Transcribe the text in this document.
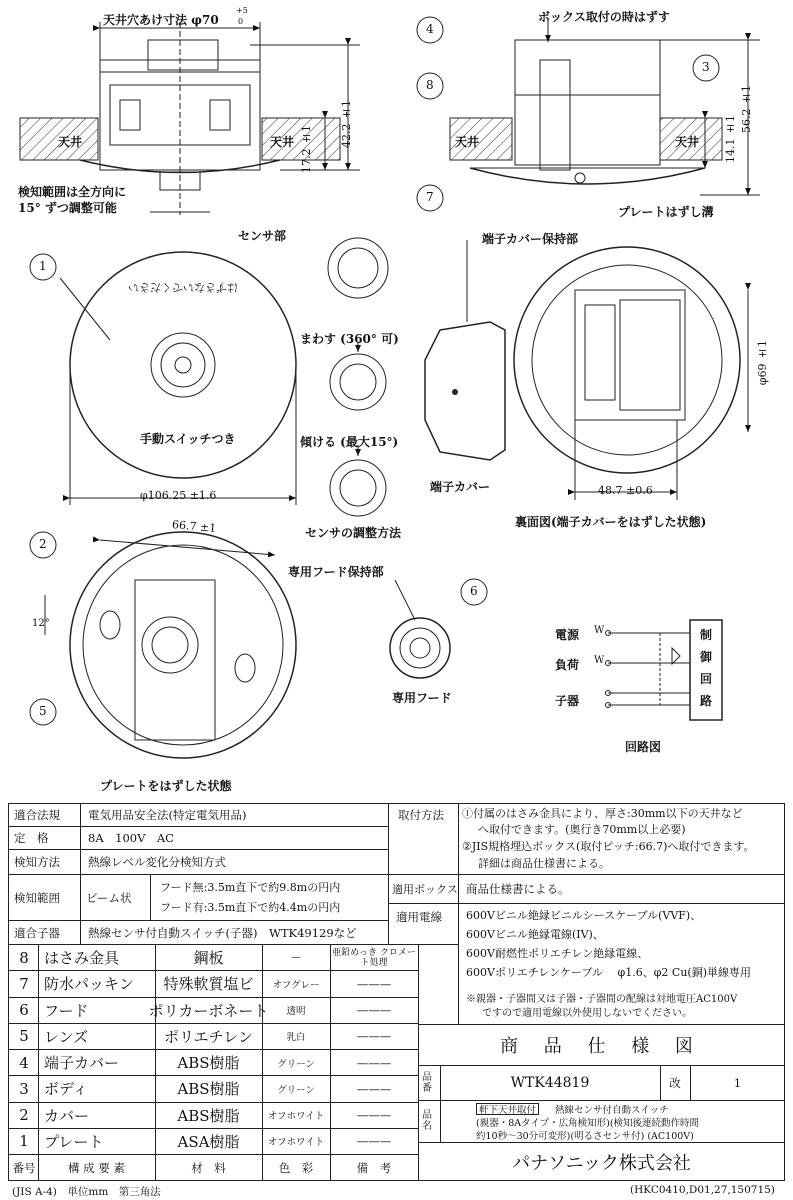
天井穴あけ寸法 φ70
+5
0
天井	天井 17.2 ±1
42.2 ±1
検知範囲は全方向に
15° ずつ調整可能
ボックス取付の時はずす
14.1 ±1
56.2 ±1
天井	天井
プレートはずし溝
センサ部
まわす (360° 可)
傾ける (最大15°)
センサの調整方法
端子カバー保持部
端子カバー
裏面図(端子カバーをはずした状態)
φ69 ±1
48.7 ±0.6
はずさないでください
手動スイッチつき
φ106.25 ±1.6
66.7 ±1
12°
専用フード保持部
専用フード
プレートをはずした状態
電源
負荷
子器
W
W
制
御
回
路
回路図
1
2
3
4
5
6
7
8
適合法規 電気用品安全法(特定電気用品)
定　格	8A　100V　AC
検知方法 熱線レベル変化分検知方式
検知範囲 ビーム状
フード無:3.5m直下で約9.8mの円内
フード有:3.5m直下で約4.4mの円内
適合子器 熱線センサ付自動スイッチ(子器)　WTK49129など
取付方法 ①付属のはさみ金具により、厚さ:30mm以下の天井など
へ取付できます。(奥行き70mm以上必要)
②JIS規格埋込ボックス(取付ピッチ:66.7)へ取付できます。
詳細は商品仕様書による。
適用ボックス 商品仕様書による。
適用電線 600Vビニル絶縁ビニルシースケーブル(VVF)、
600Vビニル絶縁電線(IV)、
600V耐燃性ポリエチレン絶縁電線、
600Vポリエチレンケーブル　 φ1.6、φ2 Cu(銅)単線専用
※親器・子器間又は子器・子器間の配線は対地電圧AC100V
ですので適用電線以外使用しないでください。
8	はさみ金具	鋼板	—	亜鉛めっき クロメート処理
7	防水パッキン	特殊軟質塩ビ	オフグレー	———
6	フード	ポリカーボネート	透明	———
5	レンズ	ポリエチレン	乳白	———
4	端子カバー	ABS樹脂	グリーン	———
3	ボディ	ABS樹脂	グリーン	———
2	カバー	ABS樹脂	オフホワイト	———
1	プレート	ASA樹脂	オフホワイト	———
番号	構 成 要 素	材　料	色　彩	備　考
商 品 仕 様 図
品番	WTK44819	改	1
品名
軒下天井取付	熱線センサ付自動スイッチ
(親器・8Aタイプ・広角検知形)(検知後連続動作時間
約10秒～30分可変形)(明るさセンサ付) (AC100V)
パナソニック株式会社
(JIS A-4)　単位mm　第三角法	(HKC0410,D01,27,150715)
